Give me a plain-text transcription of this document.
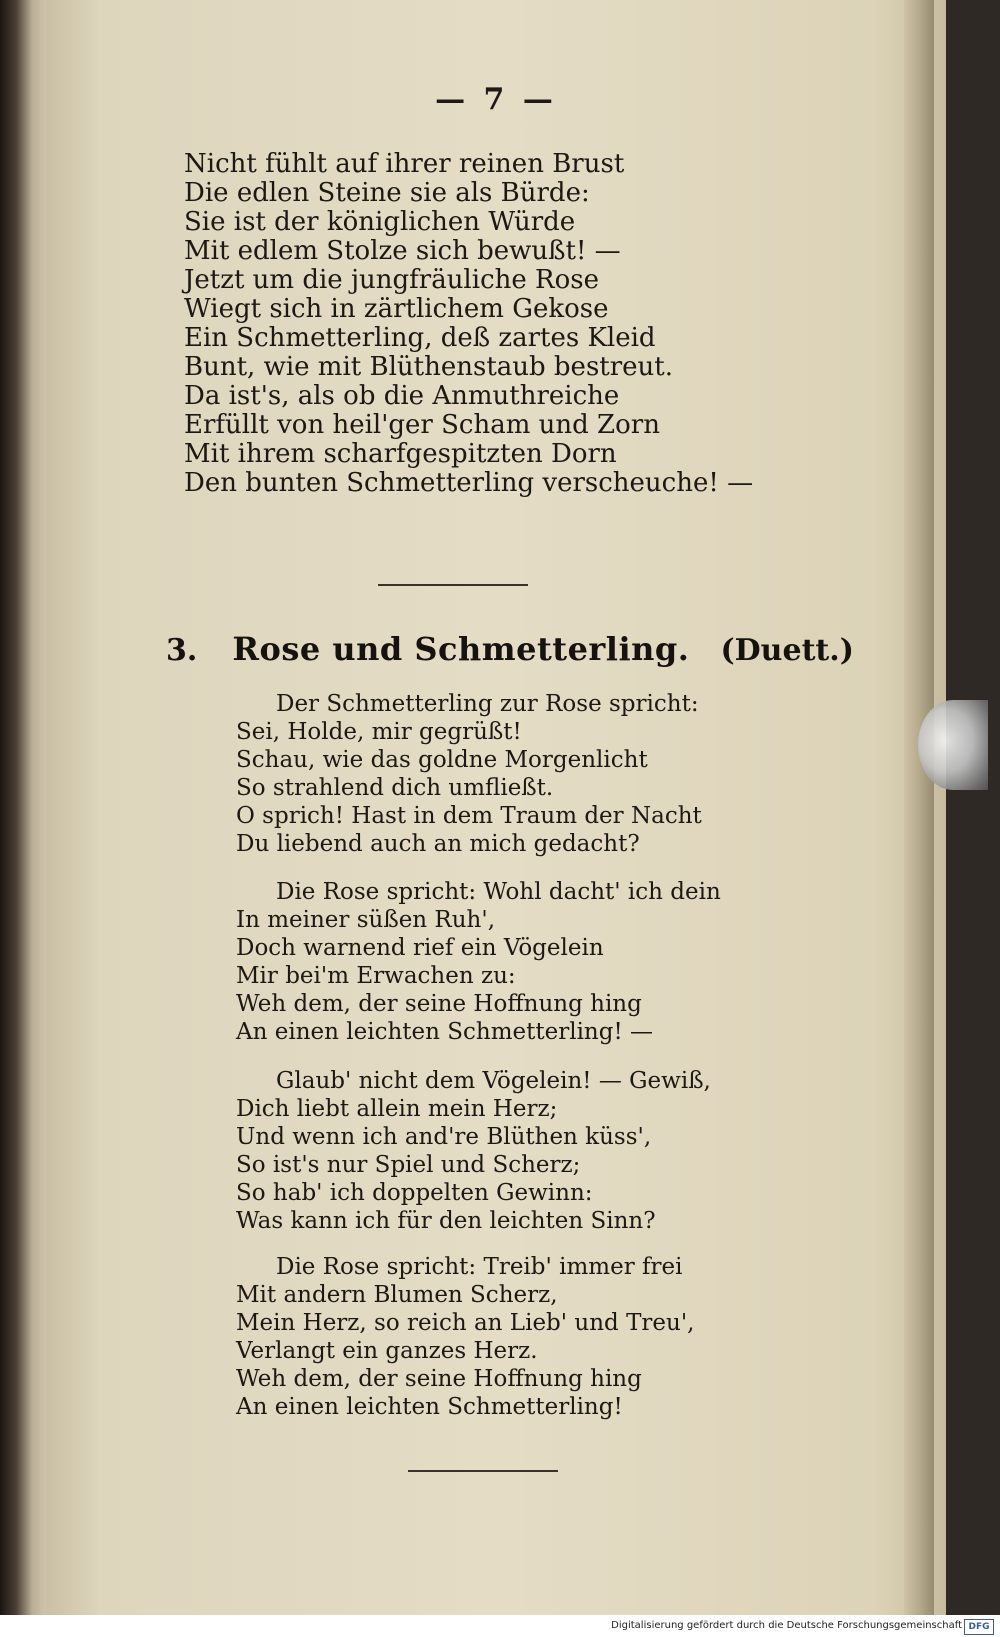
— 7 —
Nicht fühlt auf ihrer reinen Brust
Die edlen Steine sie als Bürde:
Sie ist der königlichen Würde
Mit edlem Stolze sich bewußt! —
Jetzt um die jungfräuliche Rose
Wiegt sich in zärtlichem Gekose
Ein Schmetterling, deß zartes Kleid
Bunt, wie mit Blüthenstaub bestreut.
Da ist's, als ob die Anmuthreiche
Erfüllt von heil'ger Scham und Zorn
Mit ihrem scharfgespitzten Dorn
Den bunten Schmetterling verscheuche! —
3. Rose und Schmetterling. (Duett.)
Der Schmetterling zur Rose spricht:
Sei, Holde, mir gegrüßt!
Schau, wie das goldne Morgenlicht
So strahlend dich umfließt.
O sprich! Hast in dem Traum der Nacht
Du liebend auch an mich gedacht?
Die Rose spricht: Wohl dacht' ich dein
In meiner süßen Ruh',
Doch warnend rief ein Vögelein
Mir bei'm Erwachen zu:
Weh dem, der seine Hoffnung hing
An einen leichten Schmetterling! —
Glaub' nicht dem Vögelein! — Gewiß,
Dich liebt allein mein Herz;
Und wenn ich and're Blüthen küss',
So ist's nur Spiel und Scherz;
So hab' ich doppelten Gewinn:
Was kann ich für den leichten Sinn?
Die Rose spricht: Treib' immer frei
Mit andern Blumen Scherz,
Mein Herz, so reich an Lieb' und Treu',
Verlangt ein ganzes Herz.
Weh dem, der seine Hoffnung hing
An einen leichten Schmetterling!
Digitalisierung gefördert durch die Deutsche Forschungsgemeinschaft DFG
